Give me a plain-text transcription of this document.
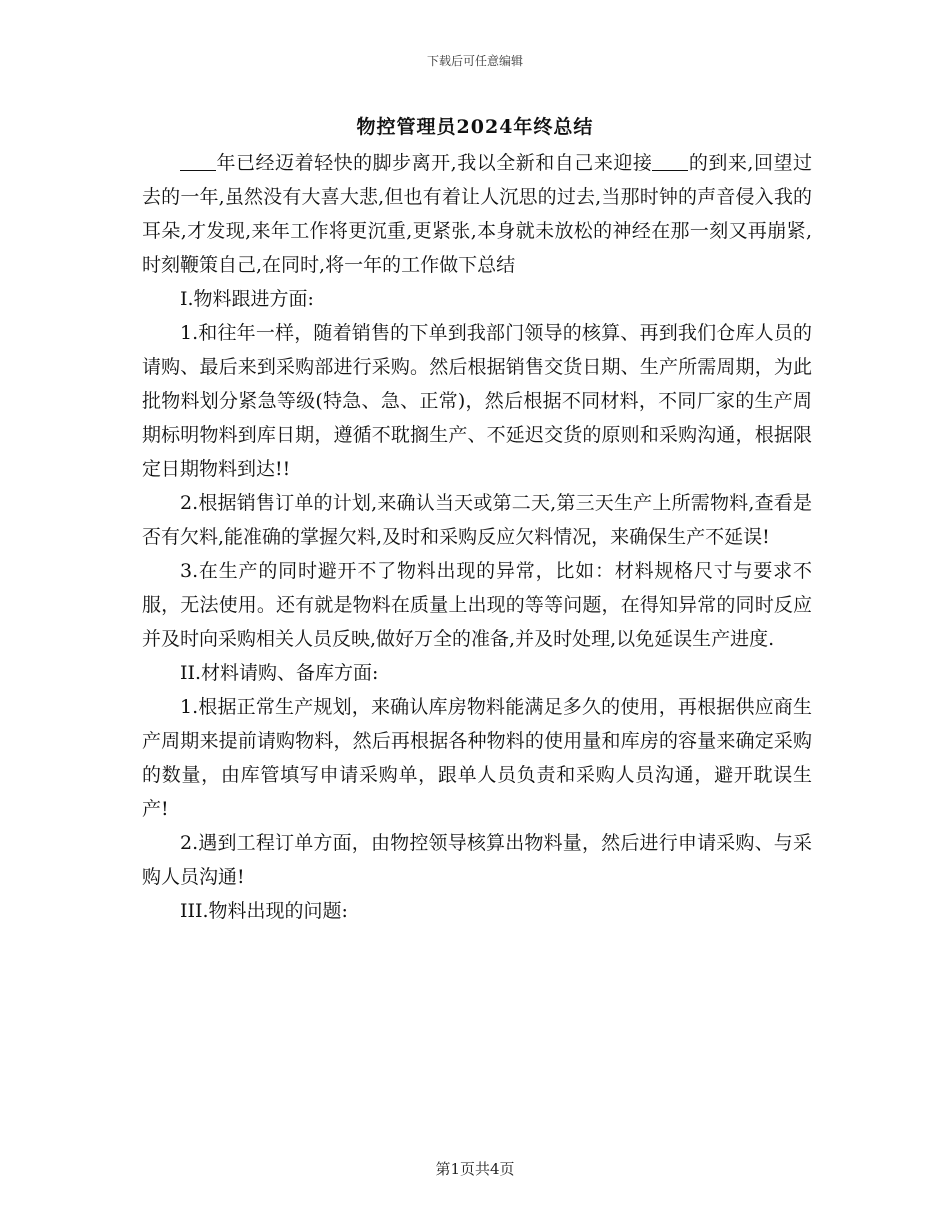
下载后可任意编辑
物控管理员2024年终总结

年已经迈着轻快的脚步离开,我以全新和自己来迎接 的到来,回望过去的一年,虽然没有大喜大悲,但也有着让人沉思的过去,当那时钟的声音侵入我的耳朵,才发现,来年工作将更沉重,更紧张,本身就未放松的神经在那一刻又再崩紧,时刻鞭策自己,在同时,将一年的工作做下总结

I.物料跟进方面:

1.和往年一样，随着销售的下单到我部门领导的核算、再到我们仓库人员的请购、最后来到采购部进行采购。然后根据销售交货日期、生产所需周期，为此批物料划分紧急等级(特急、急、正常)，然后根据不同材料，不同厂家的生产周期标明物料到库日期，遵循不耽搁生产、不延迟交货的原则和采购沟通，根据限定日期物料到达!!

2.根据销售订单的计划,来确认当天或第二天,第三天生产上所需物料,查看是否有欠料,能准确的掌握欠料,及时和采购反应欠料情况，来确保生产不延误!

3.在生产的同时避开不了物料出现的异常，比如：材料规格尺寸与要求不服，无法使用。还有就是物料在质量上出现的等等问题，在得知异常的同时反应并及时向采购相关人员反映,做好万全的准备,并及时处理,以免延误生产进度.

II.材料请购、备库方面:

1.根据正常生产规划，来确认库房物料能满足多久的使用，再根据供应商生产周期来提前请购物料，然后再根据各种物料的使用量和库房的容量来确定采购的数量，由库管填写申请采购单，跟单人员负责和采购人员沟通，避开耽误生产!

2.遇到工程订单方面，由物控领导核算出物料量，然后进行申请采购、与采购人员沟通!

III.物料出现的问题:

第1页共4页
